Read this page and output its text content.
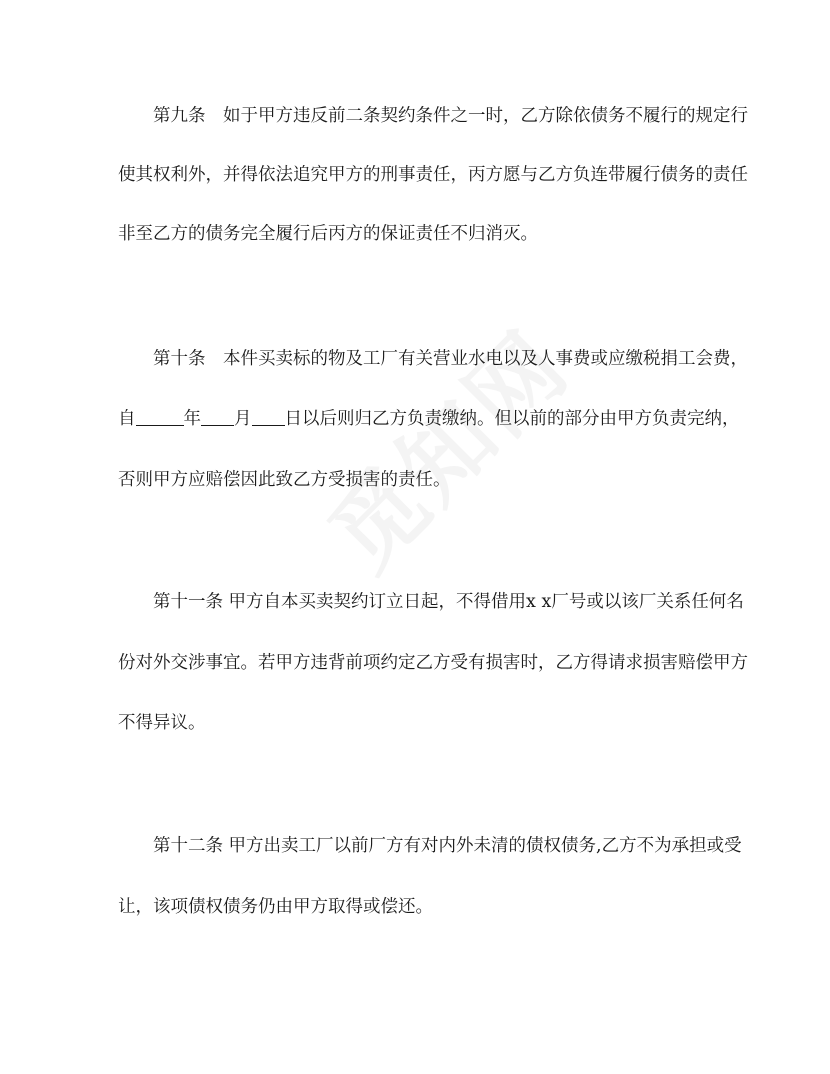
第九条　如于甲方违反前二条契约条件之一时，乙方除依债务不履行的规定行
使其权利外，并得依法追究甲方的刑事责任，丙方愿与乙方负连带履行债务的责任
非至乙方的债务完全履行后丙方的保证责任不归消灭。
第十条　本件买卖标的物及工厂有关营业水电以及人事费或应缴税捐工会费，
自	年 月 日以后则归乙方负责缴纳。但以前的部分由甲方负责完纳，
否则甲方应赔偿因此致乙方受损害的责任。
第十一条 甲方自本买卖契约订立日起，不得借用x x厂号或以该厂关系任何名
份对外交涉事宜。若甲方违背前项约定乙方受有损害时，乙方得请求损害赔偿甲方
不得异议。
第十二条 甲方出卖工厂以前厂方有对内外未清的债权债务,乙方不为承担或受
让，该项债权债务仍由甲方取得或偿还。
